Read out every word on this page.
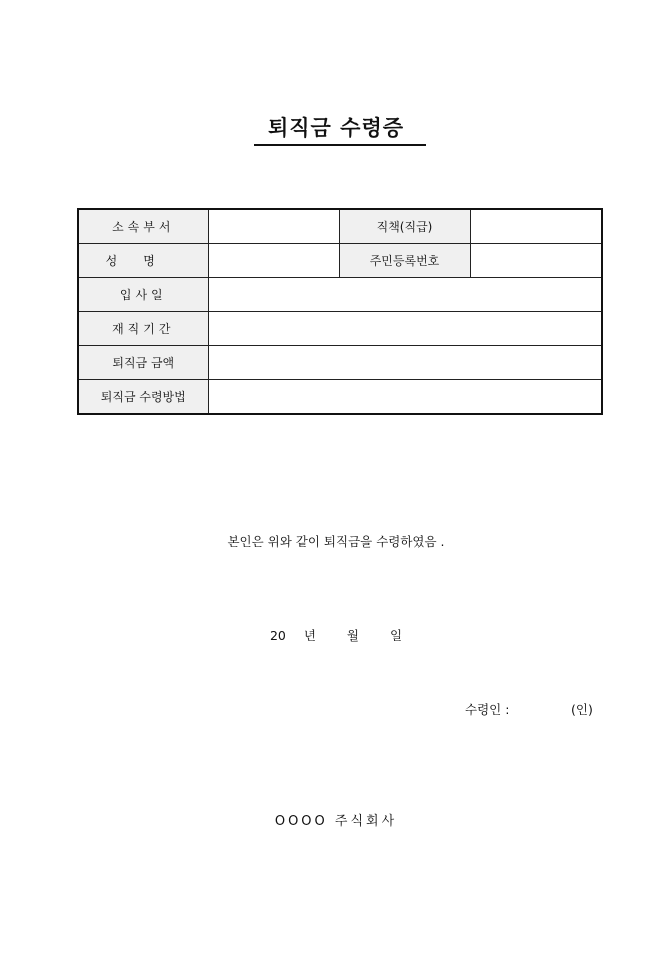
퇴직금 수령증
소속부서		직책(직급)	
성명		주민등록번호	
입사일			
재직기간			
퇴직금 금액			
퇴직금 수령방법			
본인은 위와 같이 퇴직금을 수령하였음 .
20 년 월 일
수령인 :	(인)
OOOO 주식회사
